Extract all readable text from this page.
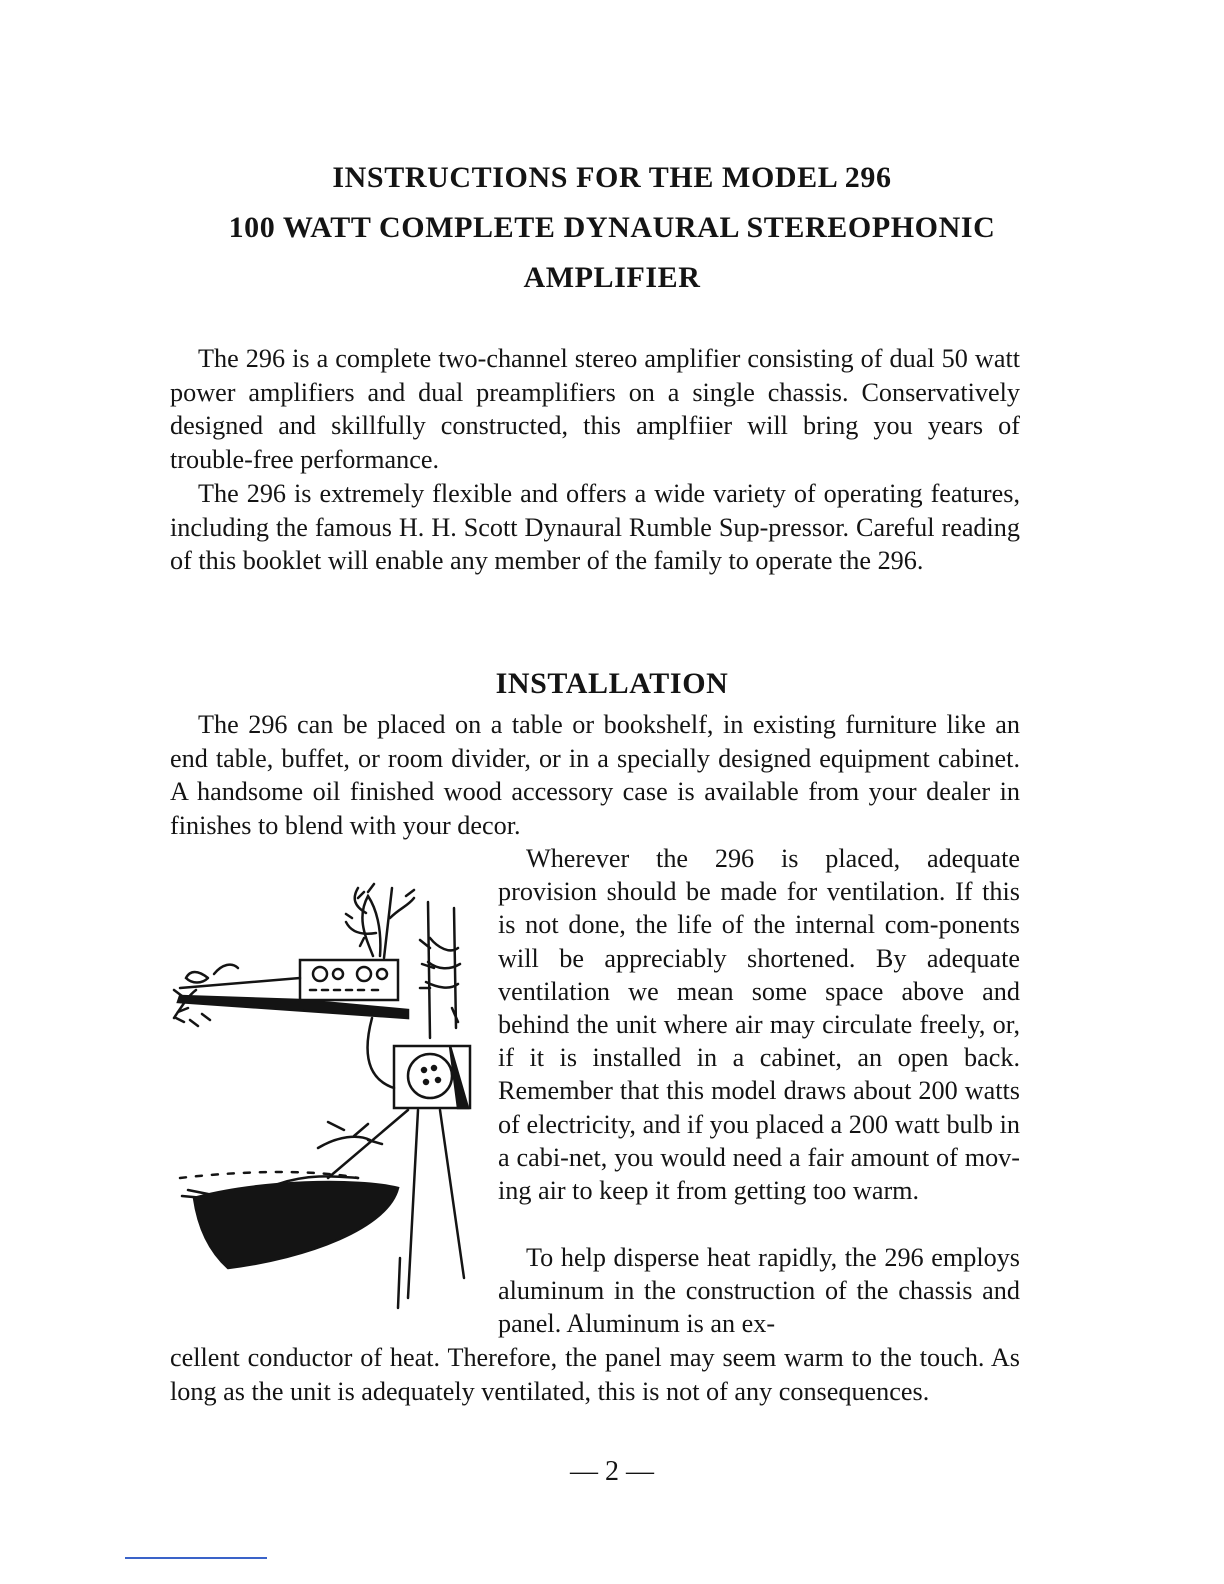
INSTRUCTIONS FOR THE MODEL 296
100 WATT COMPLETE DYNAURAL STEREOPHONIC
AMPLIFIER

The 296 is a complete two-channel stereo amplifier consisting of dual 50 watt power amplifiers and dual preamplifiers on a single chassis. Conservatively designed and skillfully constructed, this amplfiier will bring you years of trouble-free performance.

The 296 is extremely flexible and offers a wide variety of operating features, including the famous H. H. Scott Dynaural Rumble Sup-pressor. Careful reading of this booklet will enable any member of the family to operate the 296.

INSTALLATION

The 296 can be placed on a table or bookshelf, in existing furniture like an end table, buffet, or room divider, or in a specially designed equipment cabinet. A handsome oil finished wood accessory case is available from your dealer in finishes to blend with your decor.

Wherever the 296 is placed, adequate provision should be made for ventilation. If this is not done, the life of the internal com-ponents will be appreciably shortened. By adequate ventilation we mean some space above and behind the unit where air may circulate freely, or, if it is installed in a cabinet, an open back. Remember that this model draws about 200 watts of electricity, and if you placed a 200 watt bulb in a cabi-net, you would need a fair amount of mov-ing air to keep it from getting too warm.

To help disperse heat rapidly, the 296 employs aluminum in the construction of the chassis and panel. Aluminum is an ex-

cellent conductor of heat. Therefore, the panel may seem warm to the touch. As long as the unit is adequately ventilated, this is not of any consequences.

— 2 —
